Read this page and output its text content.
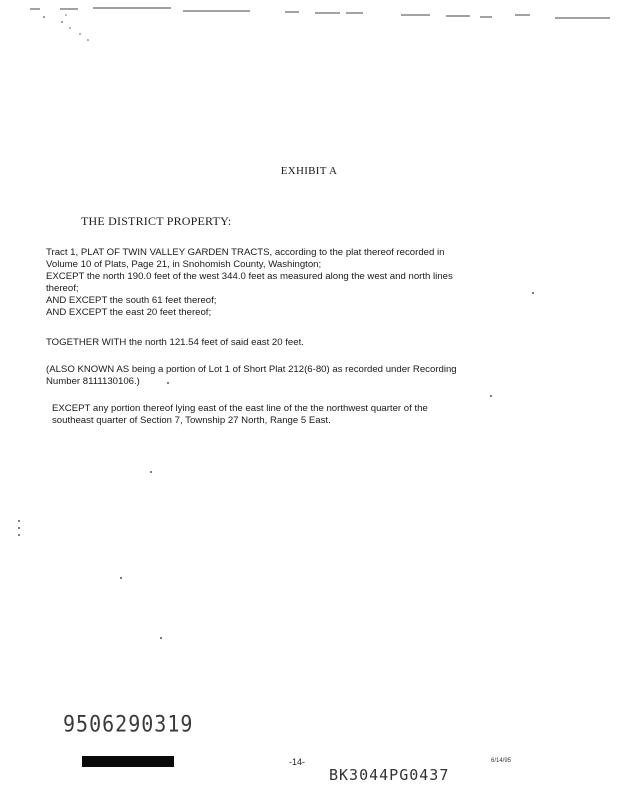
EXHIBIT A
THE DISTRICT PROPERTY:
Tract 1, PLAT OF TWIN VALLEY GARDEN TRACTS, according to the plat thereof recorded in
Volume 10 of Plats, Page 21, in Snohomish County, Washington;
EXCEPT the north 190.0 feet of the west 344.0 feet as measured along the west and north lines
thereof;
AND EXCEPT the south 61 feet thereof;
AND EXCEPT the east 20 feet thereof;
TOGETHER WITH the north 121.54 feet of said east 20 feet.
(ALSO KNOWN AS being a portion of Lot 1 of Short Plat 212(6-80) as recorded under Recording
Number 8111130106.)
EXCEPT any portion thereof lying east of the east line of the the northwest quarter of the
southeast quarter of Section 7, Township 27 North, Range 5 East.
9506290319
-14-
BK3044PG0437
6/14/95
